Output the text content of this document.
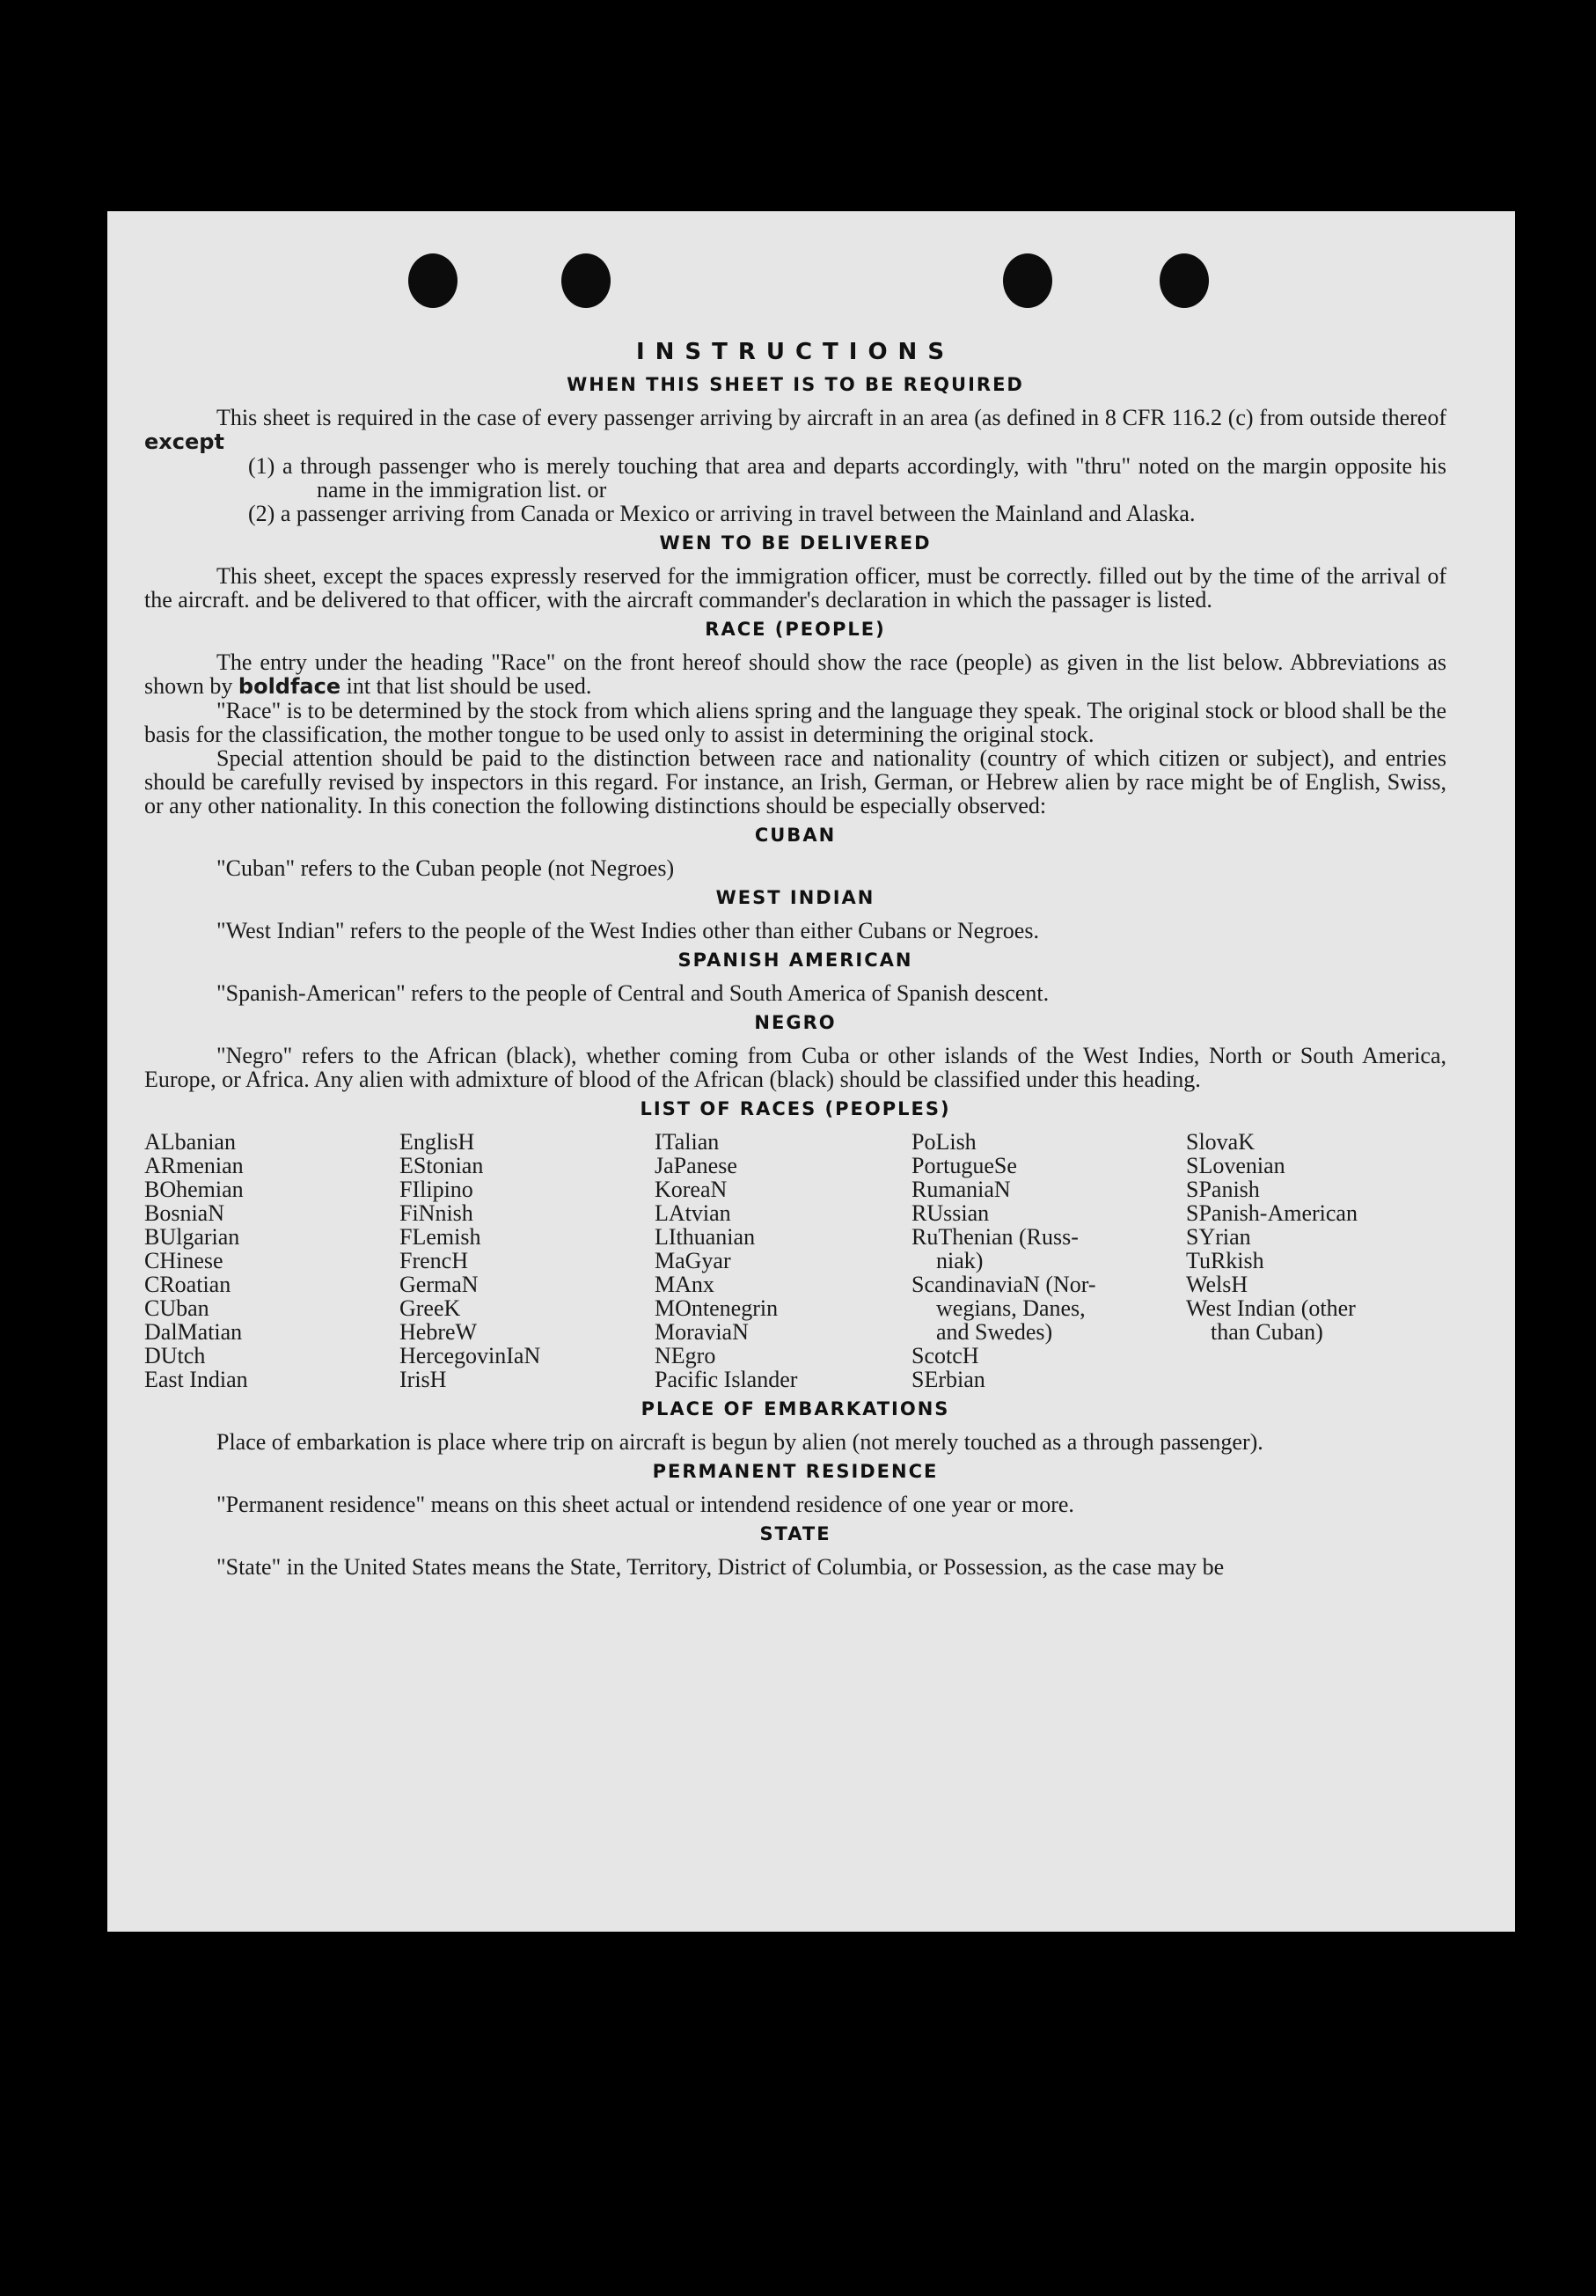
INSTRUCTIONS
WHEN THIS SHEET IS TO BE REQUIRED

This sheet is required in the case of every passenger arriving by aircraft in an area (as defined in 8 CFR 116.2 (c) from outside thereof except

(1) a through passenger who is merely touching that area and departs accordingly, with "thru" noted on the margin opposite his name in the immigration list. or

(2) a passenger arriving from Canada or Mexico or arriving in travel between the Mainland and Alaska.

WEN TO BE DELIVERED

This sheet, except the spaces expressly reserved for the immigration officer, must be correctly. filled out by the time of the arrival of the aircraft. and be delivered to that officer, with the aircraft commander's declaration in which the passager is listed.

RACE (PEOPLE)

The entry under the heading "Race" on the front hereof should show the race (people) as given in the list below. Abbreviations as shown by boldface int that list should be used.

"Race" is to be determined by the stock from which aliens spring and the language they speak. The original stock or blood shall be the basis for the classification, the mother tongue to be used only to assist in determining the original stock.

Special attention should be paid to the distinction between race and nationality (country of which citizen or subject), and entries should be carefully revised by inspectors in this regard. For instance, an Irish, German, or Hebrew alien by race might be of English, Swiss, or any other nationality. In this conection the following distinctions should be especially observed:

CUBAN

"Cuban" refers to the Cuban people (not Negroes)

WEST INDIAN

"West Indian" refers to the people of the West Indies other than either Cubans or Negroes.

SPANISH AMERICAN

"Spanish-American" refers to the people of Central and South America of Spanish descent.

NEGRO

"Negro" refers to the African (black), whether coming from Cuba or other islands of the West Indies, North or South America, Europe, or Africa. Any alien with admixture of blood of the African (black) should be classified under this heading.

LIST OF RACES (PEOPLES)
ALbanian
ARmenian
BOhemian
BosniaN
BUlgarian
CHinese
CRoatian
CUban
DalMatian
DUtch
East Indian
EnglisH
EStonian
FIlipino
FiNnish
FLemish
FrencH
GermaN
GreeK
HebreW
HercegovinIaN
IrisH
ITalian
JaPanese
KoreaN
LAtvian
LIthuanian
MaGyar
MAnx
MOntenegrin
MoraviaN
NEgro
Pacific Islander
PoLish
PortugueSe
RumaniaN
RUssian
RuThenian (Russ-
niak)
ScandinaviaN (Nor-
wegians, Danes,
and Swedes)
ScotcH
SErbian
SlovaK
SLovenian
SPanish
SPanish-American
SYrian
TuRkish
WelsH
West Indian (other
than Cuban)
PLACE OF EMBARKATIONS

Place of embarkation is place where trip on aircraft is begun by alien (not merely touched as a through passenger).

PERMANENT RESIDENCE

"Permanent residence" means on this sheet actual or intendend residence of one year or more.

STATE

"State" in the United States means the State, Territory, District of Columbia, or Possession, as the case may be
